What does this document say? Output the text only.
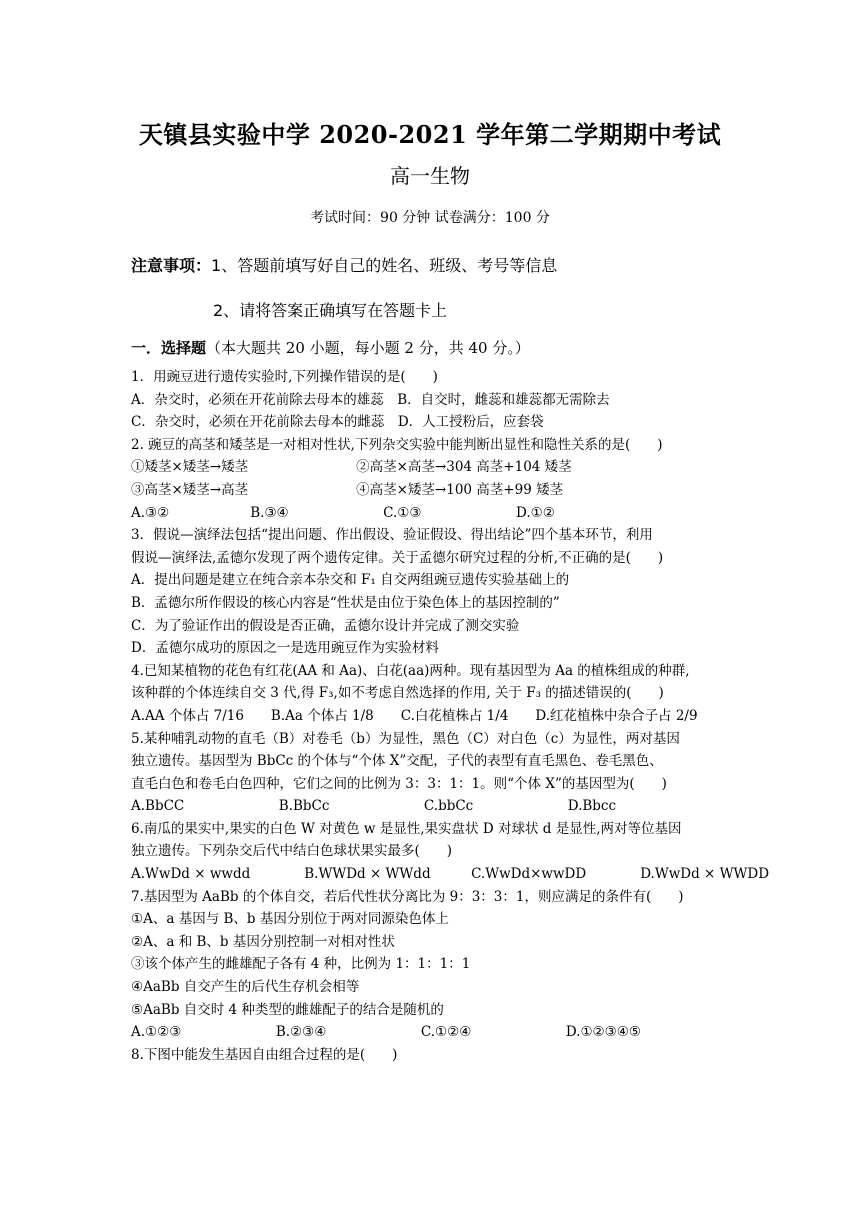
天镇县实验中学 2020-2021 学年第二学期期中考试
高一生物
考试时间：90 分钟 试卷满分：100 分
注意事项：1、答题前填写好自己的姓名、班级、考号等信息
2、请将答案正确填写在答题卡上
一．选择题（本大题共 20 小题，每小题 2 分，共 40 分。）
1．用豌豆进行遗传实验时,下列操作错误的是(　　)
A．杂交时，必须在开花前除去母本的雄蕊　B．自交时，雌蕊和雄蕊都无需除去
C．杂交时，必须在开花前除去母本的雌蕊　D．人工授粉后，应套袋
2. 豌豆的高茎和矮茎是一对相对性状,下列杂交实验中能判断出显性和隐性关系的是(　　)
①矮茎×矮茎→矮茎　　　　　　　　②高茎×高茎→304 高茎+104 矮茎
③高茎×矮茎→高茎　　　　　　　　④高茎×矮茎→100 高茎+99 矮茎
A.③②　　　　　　B.③④　　　　　　　C.①③　　　　　　　D.①②
3．假说—演绎法包括“提出问题、作出假设、验证假设、得出结论”四个基本环节，利用
假说—演绎法,孟德尔发现了两个遗传定律。关于孟德尔研究过程的分析,不正确的是(　　)
A．提出问题是建立在纯合亲本杂交和 F₁ 自交两组豌豆遗传实验基础上的
B．孟德尔所作假设的核心内容是“性状是由位于染色体上的基因控制的”
C．为了验证作出的假设是否正确，孟德尔设计并完成了测交实验
D．孟德尔成功的原因之一是选用豌豆作为实验材料
4.已知某植物的花色有红花(AA 和 Aa)、白花(aa)两种。现有基因型为 Aa 的植株组成的种群,
该种群的个体连续自交 3 代,得 F₃,如不考虑自然选择的作用, 关于 F₃ 的描述错误的(　　)
A.AA 个体占 7/16　　B.Aa 个体占 1/8　　C.白花植株占 1/4　　D.红花植株中杂合子占 2/9
5.某种哺乳动物的直毛（B）对卷毛（b）为显性，黑色（C）对白色（c）为显性，两对基因
独立遗传。基因型为 BbCc 的个体与“个体 X”交配，子代的表型有直毛黑色、卷毛黑色、
直毛白色和卷毛白色四种，它们之间的比例为 3：3：1：1。则“个体 X”的基因型为(　　)
A.BbCC　　　　　　　B.BbCc　　　　　　　C.bbCc　　　　　　　D.Bbcc
6.南瓜的果实中,果实的白色 W 对黄色 w 是显性,果实盘状 D 对球状 d 是显性,两对等位基因
独立遗传。下列杂交后代中结白色球状果实最多(　　)
A.WwDd × wwdd　　　　B.WWDd × WWdd　　　C.WwDd×wwDD　　　　D.WwDd × WWDD
7.基因型为 AaBb 的个体自交，若后代性状分离比为 9：3：3：1，则应满足的条件有(　　)
①A、a 基因与 B、b 基因分别位于两对同源染色体上
②A、a 和 B、b 基因分别控制一对相对性状
③该个体产生的雌雄配子各有 4 种，比例为 1：1：1：1
④AaBb 自交产生的后代生存机会相等
⑤AaBb 自交时 4 种类型的雌雄配子的结合是随机的
A.①②③　　　　　　　B.②③④　　　　　　　C.①②④　　　　　　　D.①②③④⑤
8.下图中能发生基因自由组合过程的是(　　)
